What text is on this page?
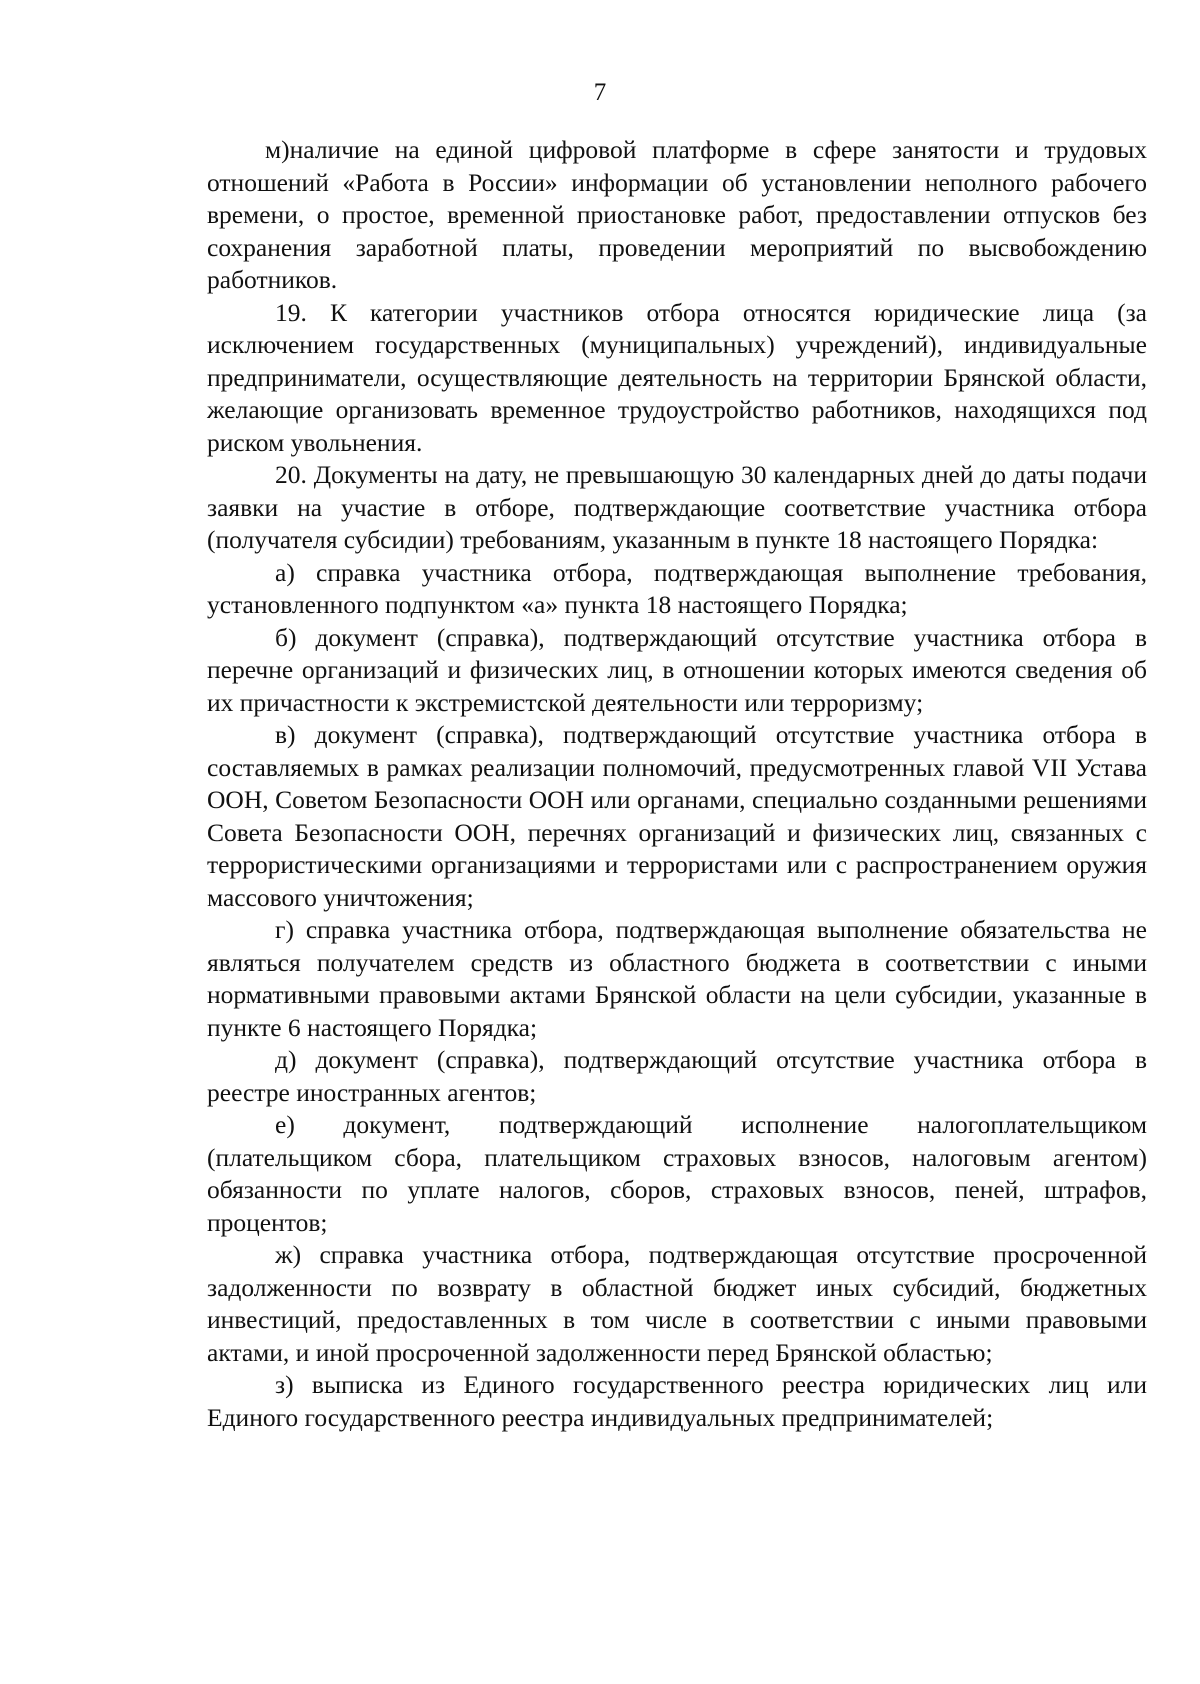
7

м)наличие на единой цифровой платформе в сфере занятости и трудовых отношений «Работа в России» информации об установлении неполного рабочего времени, о простое, временной приостановке работ, предоставлении отпусков без сохранения заработной платы, проведении мероприятий по высвобождению работников.

19. К категории участников отбора относятся юридические лица (за исключением государственных (муниципальных) учреждений), индивидуальные предприниматели, осуществляющие деятельность на территории Брянской области, желающие организовать временное трудоустройство работников, находящихся под риском увольнения.

20. Документы на дату, не превышающую 30 календарных дней до даты подачи заявки на участие в отборе, подтверждающие соответствие участника отбора (получателя субсидии) требованиям, указанным в пункте 18 настоящего Порядка:

а) справка участника отбора, подтверждающая выполнение требования, установленного подпунктом «а» пункта 18 настоящего Порядка;

б) документ (справка), подтверждающий отсутствие участника отбора в перечне организаций и физических лиц, в отношении которых имеются сведения об их причастности к экстремистской деятельности или терроризму;

в) документ (справка), подтверждающий отсутствие участника отбора в составляемых в рамках реализации полномочий, предусмотренных главой VII Устава ООН, Советом Безопасности ООН или органами, специально созданными решениями Совета Безопасности ООН, перечнях организаций и физических лиц, связанных с террористическими организациями и террористами или с распространением оружия массового уничтожения;

г) справка участника отбора, подтверждающая выполнение обязательства не являться получателем средств из областного бюджета в соответствии с иными нормативными правовыми актами Брянской области на цели субсидии, указанные в пункте 6 настоящего Порядка;

д) документ (справка), подтверждающий отсутствие участника отбора в реестре иностранных агентов;

е) документ, подтверждающий исполнение налогоплательщиком (плательщиком сбора, плательщиком страховых взносов, налоговым агентом) обязанности по уплате налогов, сборов, страховых взносов, пеней, штрафов, процентов;

ж) справка участника отбора, подтверждающая отсутствие просроченной задолженности по возврату в областной бюджет иных субсидий, бюджетных инвестиций, предоставленных в том числе в соответствии с иными правовыми актами, и иной просроченной задолженности перед Брянской областью;

з) выписка из Единого государственного реестра юридических лиц или Единого государственного реестра индивидуальных предпринимателей;
